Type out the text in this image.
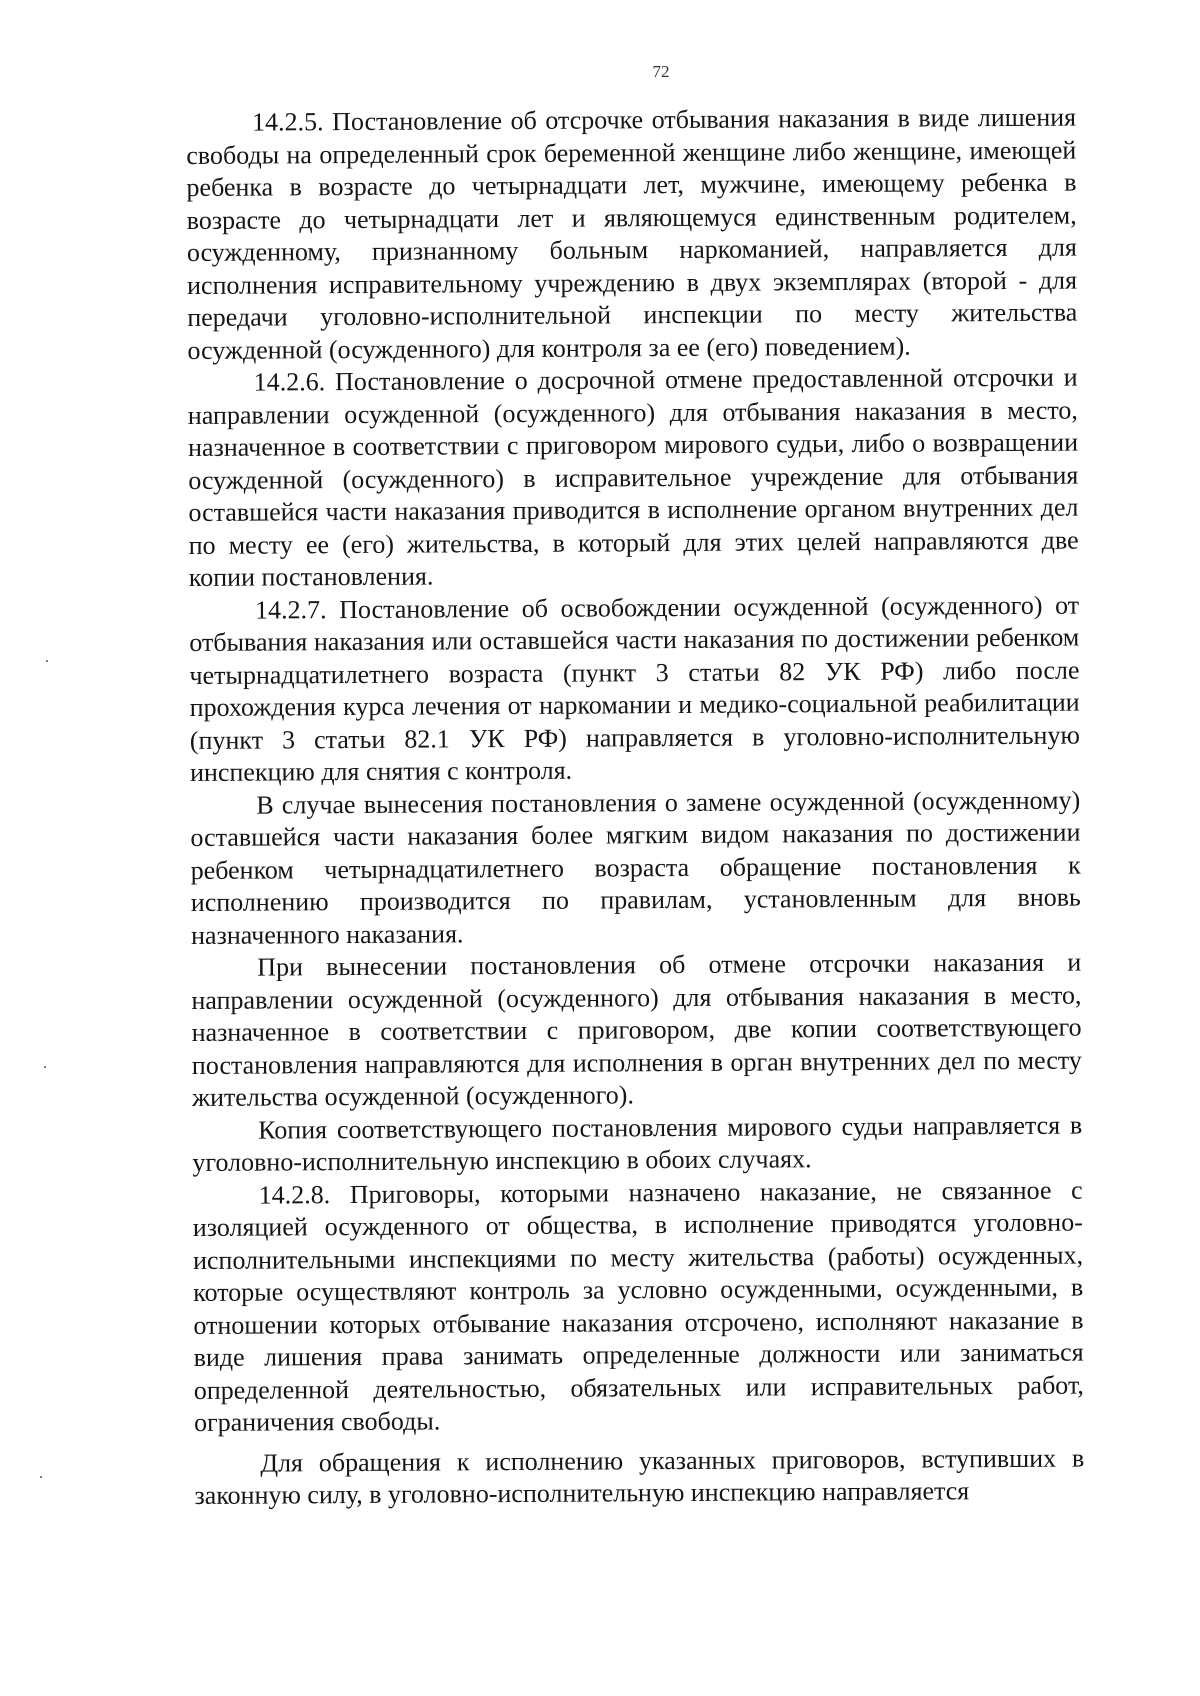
72

14.2.5. Постановление об отсрочке отбывания наказания в виде лишения свободы на определенный срок беременной женщине либо женщине, имеющей ребенка в возрасте до четырнадцати лет, мужчине, имеющему ребенка в возрасте до четырнадцати лет и являющемуся единственным родителем, осужденному, признанному больным наркоманией, направляется для исполнения исправительному учреждению в двух экземплярах (второй - для передачи уголовно-исполнительной инспекции по месту жительства осужденной (осужденного) для контроля за ее (его) поведением).

14.2.6. Постановление о досрочной отмене предоставленной отсрочки и направлении осужденной (осужденного) для отбывания наказания в место, назначенное в соответствии с приговором мирового судьи, либо о возвращении осужденной (осужденного) в исправительное учреждение для отбывания оставшейся части наказания приводится в исполнение органом внутренних дел по месту ее (его) жительства, в который для этих целей направляются две копии постановления.

14.2.7. Постановление об освобождении осужденной (осужденного) от отбывания наказания или оставшейся части наказания по достижении ребенком четырнадцатилетнего возраста (пункт 3 статьи 82 УК РФ) либо после прохождения курса лечения от наркомании и медико-социальной реабилитации (пункт 3 статьи 82.1 УК РФ) направляется в уголовно-исполнительную инспекцию для снятия с контроля.

В случае вынесения постановления о замене осужденной (осужденному) оставшейся части наказания более мягким видом наказания по достижении ребенком четырнадцатилетнего возраста обращение постановления к исполнению производится по правилам, установленным для вновь назначенного наказания.

При вынесении постановления об отмене отсрочки наказания и направлении осужденной (осужденного) для отбывания наказания в место, назначенное в соответствии с приговором, две копии соответствующего постановления направляются для исполнения в орган внутренних дел по месту жительства осужденной (осужденного).

Копия соответствующего постановления мирового судьи направляется в уголовно-исполнительную инспекцию в обоих случаях.

14.2.8. Приговоры, которыми назначено наказание, не связанное с изоляцией осужденного от общества, в исполнение приводятся уголовно-исполнительными инспекциями по месту жительства (работы) осужденных, которые осуществляют контроль за условно осужденными, осужденными, в отношении которых отбывание наказания отсрочено, исполняют наказание в виде лишения права занимать определенные должности или заниматься определенной деятельностью, обязательных или исправительных работ, ограничения свободы.

Для обращения к исполнению указанных приговоров, вступивших в законную силу, в уголовно-исполнительную инспекцию направляется
